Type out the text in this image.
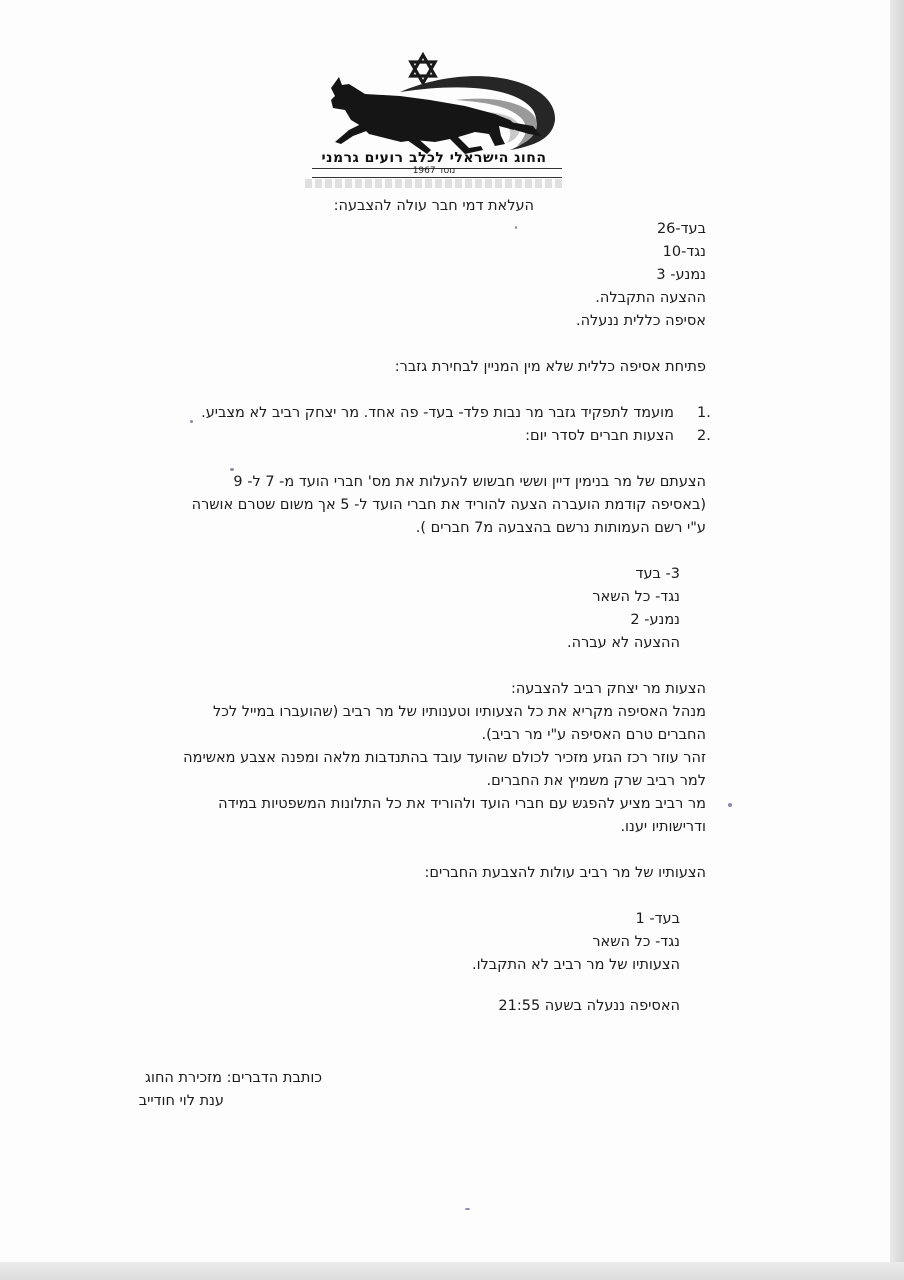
החוג הישראלי לכלב רועים גרמני
נוסד 1967
העלאת דמי חבר עולה להצבעה:
בעד-26
נגד-10
נמנע- 3
ההצעה התקבלה.
אסיפה כללית ננעלה.
פתיחת אסיפה כללית שלא מין המניין לבחירת גזבר:
1.
מועמד לתפקיד גזבר מר נבות פלד- בעד- פה אחד. מר יצחק רביב לא מצביע.
2.
הצעות חברים לסדר יום:
הצעתם של מר בנימין דיין וששי חבשוש להעלות את מס' חברי הועד מ- 7 ל- 9
(באסיפה קודמת הועברה הצעה להוריד את חברי הועד ל- 5 אך משום שטרם אושרה
ע"י רשם העמותות נרשם בהצבעה מ7 חברים ).
3- בעד
נגד- כל השאר
נמנע- 2
ההצעה לא עברה.
הצעות מר יצחק רביב להצבעה:
מנהל האסיפה מקריא את כל הצעותיו וטענותיו של מר רביב (שהועברו במייל לכל
החברים טרם האסיפה ע"י מר רביב).
זהר עוזר רכז הגזע מזכיר לכולם שהועד עובד בהתנדבות מלאה ומפנה אצבע מאשימה
למר רביב שרק משמיץ את החברים.
מר רביב מציע להפגש עם חברי הועד ולהוריד את כל התלונות המשפטיות במידה
ודרישותיו יענו.
הצעותיו של מר רביב עולות להצבעת החברים:
בעד- 1
נגד- כל השאר
הצעותיו של מר רביב לא התקבלו.
האסיפה ננעלה בשעה 21:55
כותבת הדברים: מזכירת החוג
ענת לוי חודייב
